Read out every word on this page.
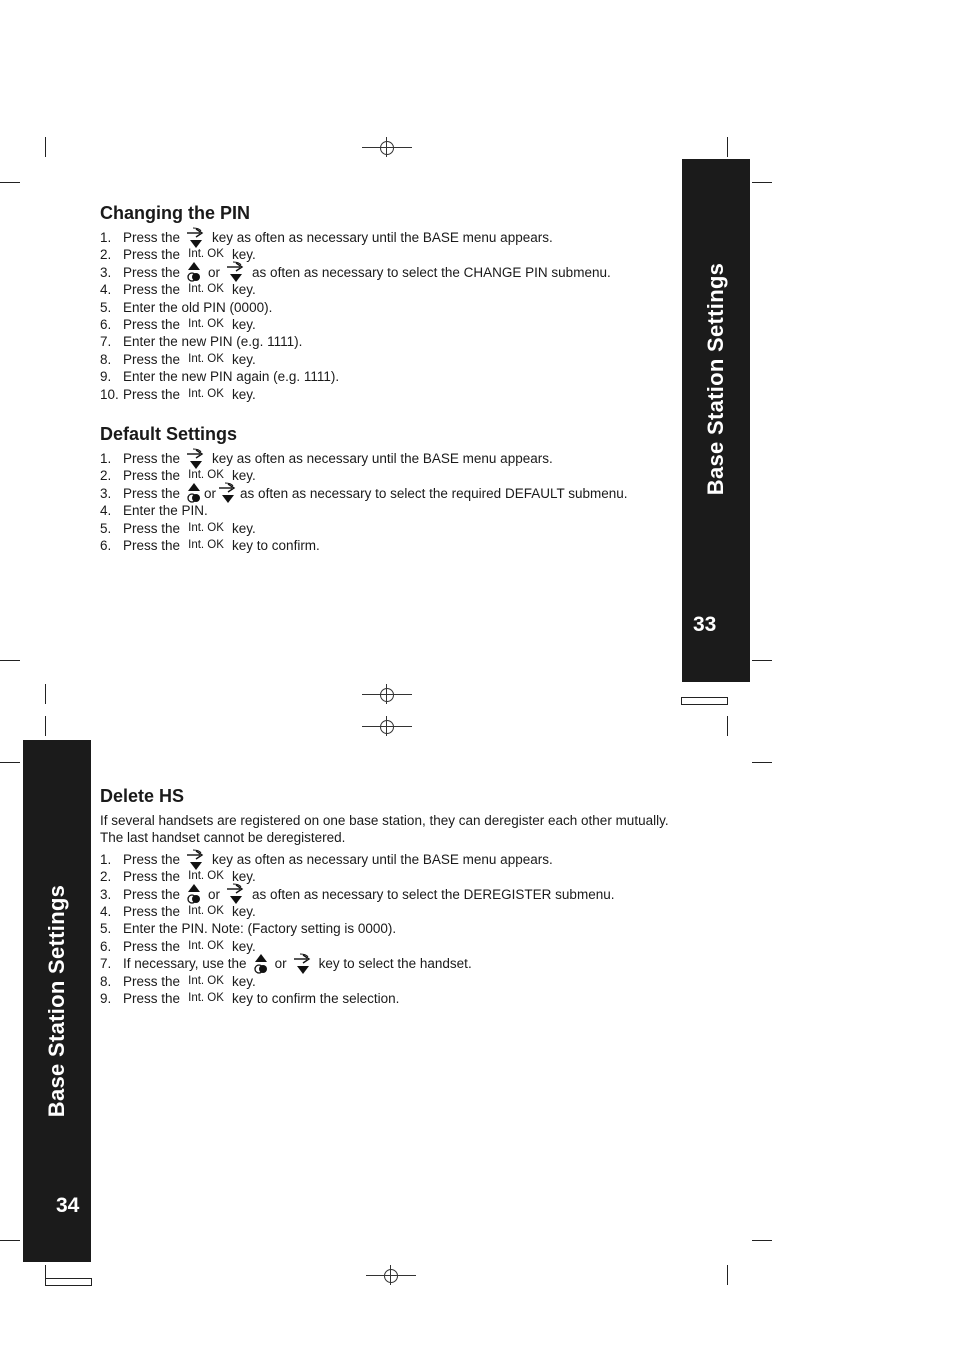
Base Station Settings
33
Base Station Settings
34
Changing the PIN
1. Press the key as often as necessary until the BASE menu appears.
2. Press the Int. OK key.
3. Press the or as often as necessary to select the CHANGE PIN submenu.
4. Press the Int. OK key.
5. Enter the old PIN (0000).
6. Press the Int. OK key.
7. Enter the new PIN (e.g. 1111).
8. Press the Int. OK key.
9. Enter the new PIN again (e.g. 1111).
10. Press the Int. OK key.
Default Settings
1. Press the key as often as necessary until the BASE menu appears.
2. Press the Int. OK key.
3. Press the or as often as necessary to select the required DEFAULT submenu.
4. Enter the PIN.
5. Press the Int. OK key.
6. Press the Int. OK key to confirm.
Delete HS

If several handsets are registered on one base station, they can deregister each other mutually. The last handset cannot be deregistered.

1. Press the key as often as necessary until the BASE menu appears.
2. Press the Int. OK key.
3. Press the or as often as necessary to select the DEREGISTER submenu.
4. Press the Int. OK key.
5. Enter the PIN. Note: (Factory setting is 0000).
6. Press the Int. OK key.
7. If necessary, use the or key to select the handset.
8. Press the Int. OK key.
9. Press the Int. OK key to confirm the selection.
